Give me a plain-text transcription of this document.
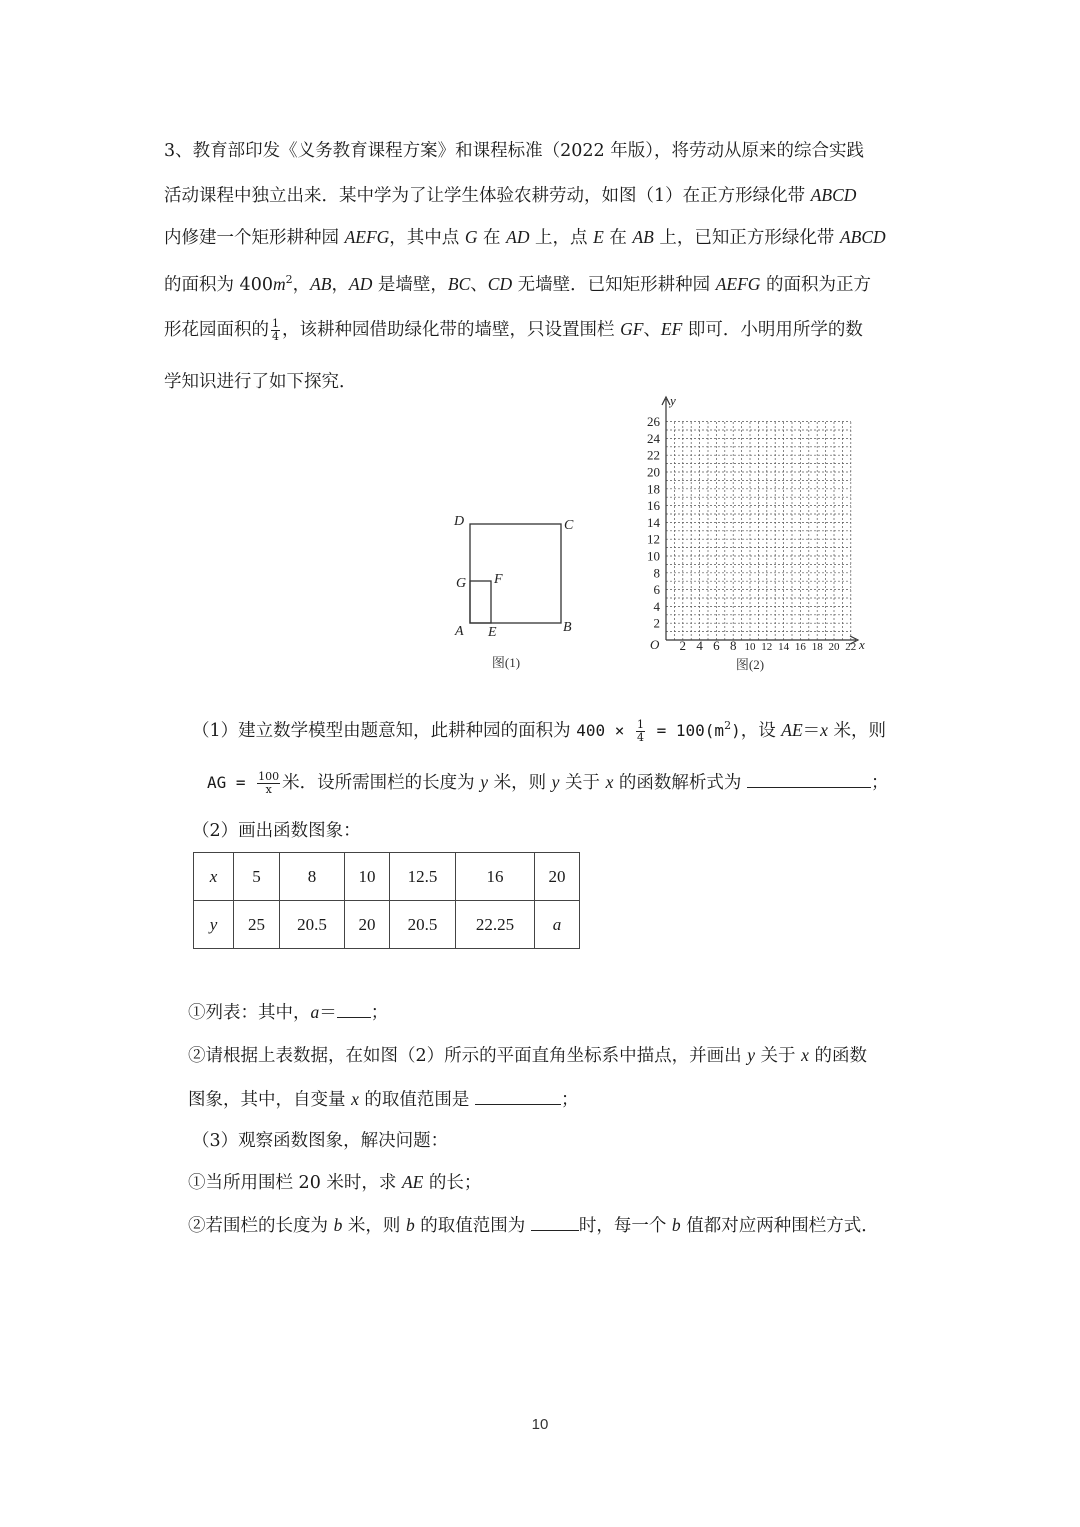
3、教育部印发《义务教育课程方案》和课程标准（2022 年版），将劳动从原来的综合实践
活动课程中独立出来．某中学为了让学生体验农耕劳动，如图（1）在正方形绿化带 ABCD
内修建一个矩形耕种园 AEFG，其中点 G 在 AD 上，点 E 在 AB 上，已知正方形绿化带 ABCD
的面积为 $400m^2$，AB，AD 是墙壁，BC、CD 无墙壁．已知矩形耕种园 AEFG 的面积为正方
形花园面积的 $\frac{1}{4}$ ，该耕种园借助绿化带的墙壁，只设置围栏 GF、EF 即可．小明用所学的数
学知识进行了如下探究．
D	C
G F
A E	B
图(1)
2 4 6 8 10 12 14 16 18 20 22
2
4
6
8
10
12
14
16
18
20
22
24
26
O	x
y
图(2)
（1）建立数学模型由题意知，此耕种园的面积为 $400 \times \frac{1}{4} = 100(m^2)$，设 AE＝x 米，则
AG = $\frac{100}{x}$ 米．设所需围栏的长度为 y 米，则 y 关于 x 的函数解析式为	；
（2）画出函数图象：
x	5	8	10	12.5	16	20
y	25	20.5	20	20.5	22.25	a
①列表：其中，a＝ ；
②请根据上表数据，在如图（2）所示的平面直角坐标系中描点，并画出 y 关于 x 的函数
图象，其中，自变量 x 的取值范围是	；
（3）观察函数图象，解决问题：
①当所用围栏 20 米时，求 AE 的长；
②若围栏的长度为 b 米，则 b 的取值范围为	时，每一个 b 值都对应两种围栏方式．
10
